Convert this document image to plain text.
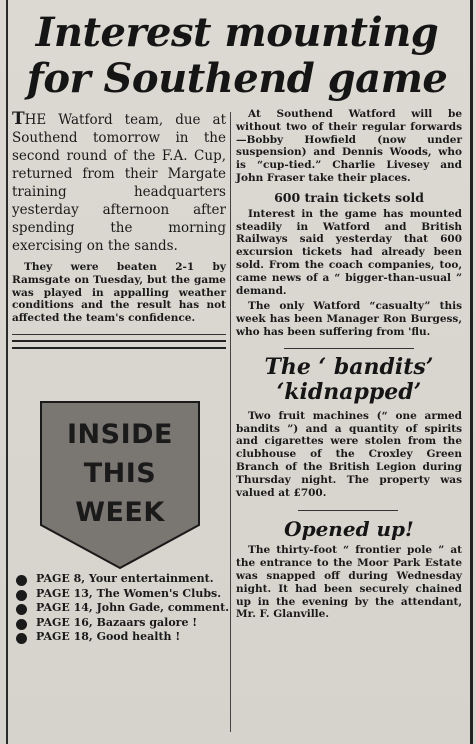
Interest mounting
for Southend game

THE Watford team, due at Southend tomorrow in the second round of the F.A. Cup, returned from their Margate training headquarters yesterday afternoon after spending the morning exercising on the sands.

They were beaten 2-1 by Ramsgate on Tuesday, but the game was played in appalling weather conditions and the result has not affected the team's confidence.

INSIDE
THIS
WEEK
PAGE 8, Your entertainment.
PAGE 13, The Women's Clubs.
PAGE 14, John Gade, comment.
PAGE 16, Bazaars galore !
PAGE 18, Good health !

At Southend Watford will be without two of their regular forwards—Bobby Howfield (now under suspension) and Dennis Woods, who is “cup-tied.” Charlie Livesey and John Fraser take their places.

600 train tickets sold

Interest in the game has mounted steadily in Watford and British Railways said yesterday that 600 excursion tickets had already been sold. From the coach companies, too, came news of a “ bigger-than-usual ” demand.

The only Watford “casualty” this week has been Manager Ron Burgess, who has been suffering from 'flu.

The ‘ bandits’
‘kidnapped’

Two fruit machines (“ one armed bandits ”) and a quantity of spirits and cigarettes were stolen from the clubhouse of the Croxley Green Branch of the British Legion during Thursday night. The property was valued at £700.

Opened up!

The thirty-foot “ frontier pole ” at the entrance to the Moor Park Estate was snapped off during Wednesday night. It had been securely chained up in the evening by the attendant, Mr. F. Glanville.
